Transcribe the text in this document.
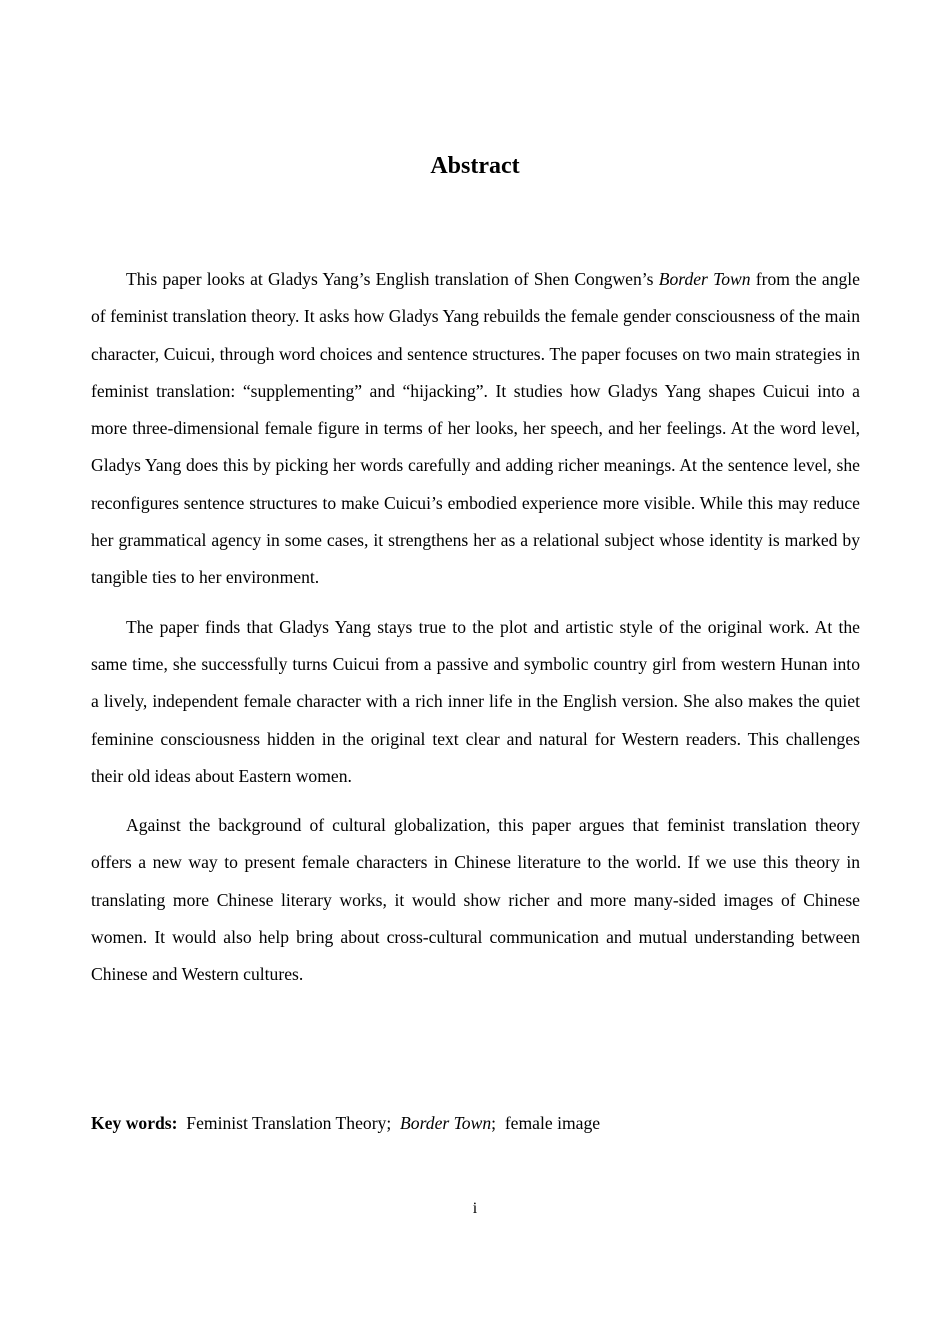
Abstract

This paper looks at Gladys Yang’s English translation of Shen Congwen’s Border Town from the angle of feminist translation theory. It asks how Gladys Yang rebuilds the female gender consciousness of the main character, Cuicui, through word choices and sentence structures. The paper focuses on two main strategies in feminist translation: “supplementing” and “hijacking”. It studies how Gladys Yang shapes Cuicui into a more three-dimensional female figure in terms of her looks, her speech, and her feelings. At the word level, Gladys Yang does this by picking her words carefully and adding richer meanings. At the sentence level, she reconfigures sentence structures to make Cuicui’s embodied experience more visible. While this may reduce her grammatical agency in some cases, it strengthens her as a relational subject whose identity is marked by tangible ties to her environment.

The paper finds that Gladys Yang stays true to the plot and artistic style of the original work. At the same time, she successfully turns Cuicui from a passive and symbolic country girl from western Hunan into a lively, independent female character with a rich inner life in the English version. She also makes the quiet feminine consciousness hidden in the original text clear and natural for Western readers. This challenges their old ideas about Eastern women.

Against the background of cultural globalization, this paper argues that feminist translation theory offers a new way to present female characters in Chinese literature to the world. If we use this theory in translating more Chinese literary works, it would show richer and more many-sided images of Chinese women. It would also help bring about cross-cultural communication and mutual understanding between Chinese and Western cultures.

Key words: Feminist Translation Theory;  Border Town;  female image
i
